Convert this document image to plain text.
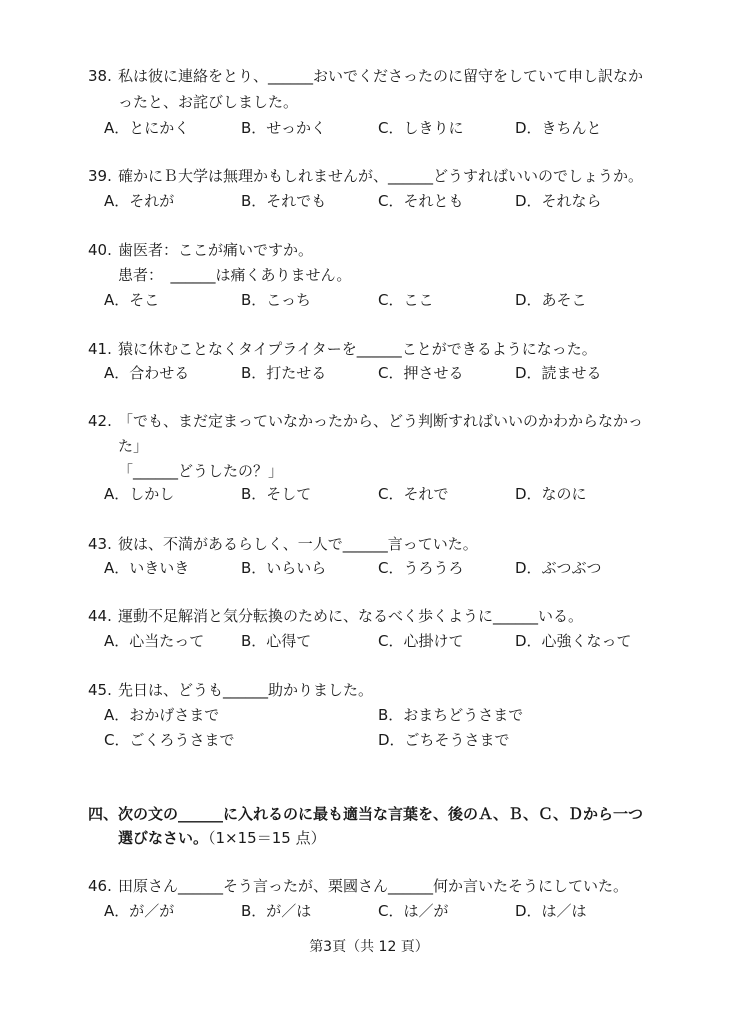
38. 私は彼に連絡をとり、______おいでくださったのに留守をしていて申し訳なか
ったと、お詫びしました。
A．とにかく	B．せっかく	C．しきりに	D．きちんと
39. 確かにＢ大学は無理かもしれませんが、______どうすればいいのでしょうか。
A．それが	B．それでも	C．それとも	D．それなら
40. 歯医者：ここが痛いですか。
患者：　______は痛くありません。
A．そこ	B．こっち	C．ここ	D．あそこ
41. 猿に休むことなくタイプライターを______ことができるようになった。
A．合わせる	B．打たせる	C．押させる	D．読ませる
42. 「でも、まだ定まっていなかったから、どう判断すればいいのかわからなかっ
た」
「______どうしたの？」
A．しかし	B．そして	C．それで	D．なのに
43. 彼は、不満があるらしく、一人で______言っていた。
A．いきいき	B．いらいら	C．うろうろ	D．ぶつぶつ
44. 運動不足解消と気分転換のために、なるべく歩くように______いる。
A．心当たって B．心得て	C．心掛けて	D．心強くなって
45. 先日は、どうも______助かりました。
A．おかげさまで	B．おまちどうさまで
C．ごくろうさまで	D．ごちそうさまで
四、次の文の______に入れるのに最も適当な言葉を、後のＡ、Ｂ、Ｃ、Ｄから一つ
選びなさい。（1×15＝15 点）
46. 田原さん______そう言ったが、栗國さん______何か言いたそうにしていた。
A．が／が	B．が／は	C．は／が	D．は／は
第3頁（共 12 頁）
